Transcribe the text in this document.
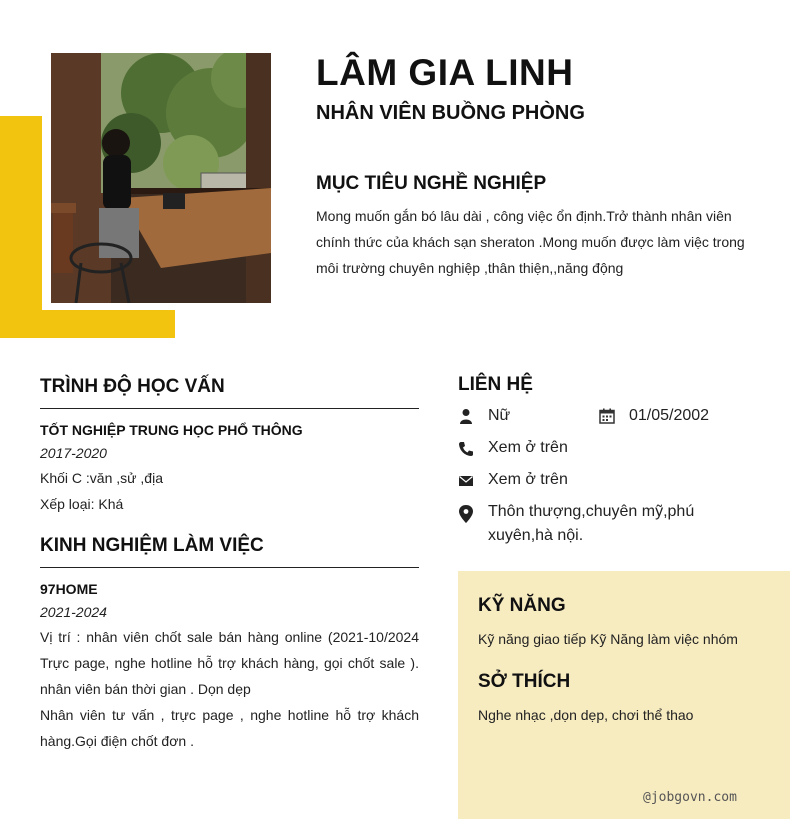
LÂM GIA LINH
NHÂN VIÊN BUỒNG PHÒNG
MỤC TIÊU NGHỀ NGHIỆP

Mong muốn gắn bó lâu dài , công việc ổn định.Trở thành nhân viên chính thức của khách sạn sheraton .Mong muốn được làm việc trong môi trường chuyên nghiệp ,thân thiện,,năng động

TRÌNH ĐỘ HỌC VẤN

TỐT NGHIỆP TRUNG HỌC PHỔ THÔNG

2017-2020

Khối C :văn ,sử ,địa

Xếp loại: Khá

KINH NGHIỆM LÀM VIỆC

97HOME

2021-2024

Vị trí : nhân viên chốt sale bán hàng online (2021-10/2024 Trực page, nghe hotline hỗ trợ khách hàng, gọi chốt sale ). nhân viên bán thời gian . Dọn dẹp

Nhân viên tư vấn , trực page , nghe hotline hỗ trợ khách hàng.Gọi điện chốt đơn .

LIÊN HỆ

Nữ	01/05/2002

Xem ở trên

Xem ở trên

Thôn thượng,chuyên mỹ,phú xuyên,hà nội.

KỸ NĂNG

Kỹ năng giao tiếp Kỹ Năng làm việc nhóm

SỞ THÍCH

Nghe nhạc ,dọn dẹp, chơi thể thao

@jobgovn.com
